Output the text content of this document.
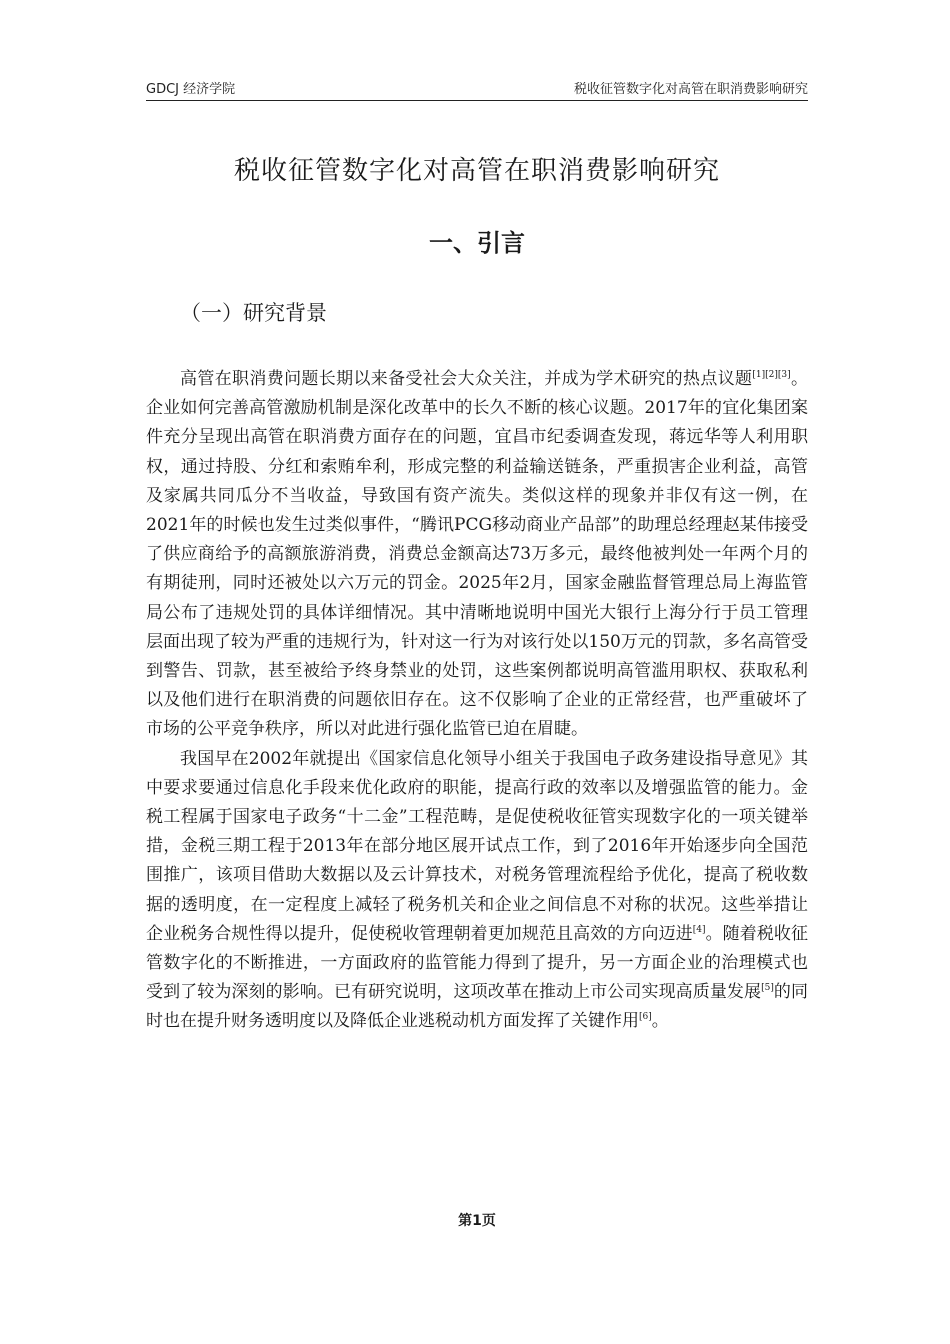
GDCJ 经济学院	税收征管数字化对高管在职消费影响研究
税收征管数字化对高管在职消费影响研究
一、引言
（一）研究背景

高管在职消费问题长期以来备受社会大众关注，并成为学术研究的热点议题[1][2][3]。企业如何完善高管激励机制是深化改革中的长久不断的核心议题。2017年的宜化集团案件充分呈现出高管在职消费方面存在的问题，宜昌市纪委调查发现，蒋远华等人利用职权，通过持股、分红和索贿牟利，形成完整的利益输送链条，严重损害企业利益，高管及家属共同瓜分不当收益，导致国有资产流失。类似这样的现象并非仅有这一例，在2021年的时候也发生过类似事件，“腾讯PCG移动商业产品部”的助理总经理赵某伟接受了供应商给予的高额旅游消费，消费总金额高达73万多元，最终他被判处一年两个月的有期徒刑，同时还被处以六万元的罚金。2025年2月，国家金融监督管理总局上海监管局公布了违规处罚的具体详细情况。其中清晰地说明中国光大银行上海分行于员工管理层面出现了较为严重的违规行为，针对这一行为对该行处以150万元的罚款，多名高管受到警告、罚款，甚至被给予终身禁业的处罚，这些案例都说明高管滥用职权、获取私利以及他们进行在职消费的问题依旧存在。这不仅影响了企业的正常经营，也严重破坏了市场的公平竞争秩序，所以对此进行强化监管已迫在眉睫。

我国早在2002年就提出《国家信息化领导小组关于我国电子政务建设指导意见》其中要求要通过信息化手段来优化政府的职能，提高行政的效率以及增强监管的能力。金税工程属于国家电子政务“十二金”工程范畴，是促使税收征管实现数字化的一项关键举措，金税三期工程于2013年在部分地区展开试点工作，到了2016年开始逐步向全国范围推广，该项目借助大数据以及云计算技术，对税务管理流程给予优化，提高了税收数据的透明度，在一定程度上减轻了税务机关和企业之间信息不对称的状况。这些举措让企业税务合规性得以提升，促使税收管理朝着更加规范且高效的方向迈进[4]。随着税收征管数字化的不断推进，一方面政府的监管能力得到了提升，另一方面企业的治理模式也受到了较为深刻的影响。已有研究说明，这项改革在推动上市公司实现高质量发展[5]的同时也在提升财务透明度以及降低企业逃税动机方面发挥了关键作用[6]。

第1页
